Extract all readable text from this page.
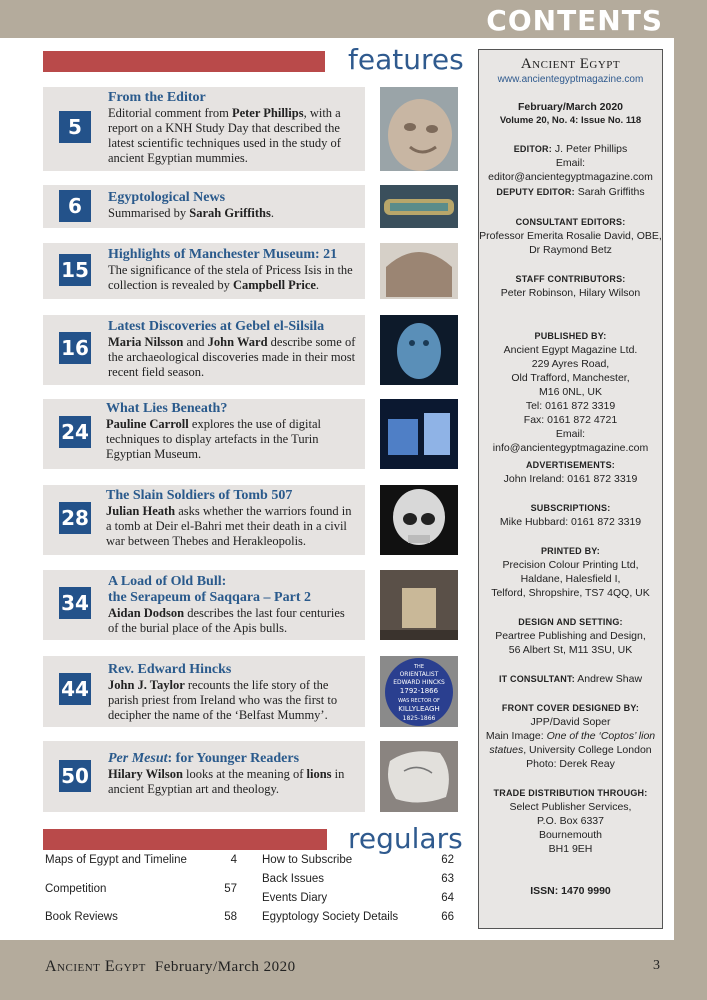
CONTENTS
features
5
From the Editor
Editorial comment from Peter Phillips, with a report on a KNH Study Day that described the latest scientific techniques used in the study of ancient Egyptian mummies.
6	Egyptological News
Summarised by Sarah Griffiths.
15
Highlights of Manchester Museum: 21
The significance of the stela of Pricess Isis in the collection is revealed by Campbell Price.
16
Latest Discoveries at Gebel el-Silsila
Maria Nilsson and John Ward describe some of the archaeological discoveries made in their most recent field season.
24
What Lies Beneath?
Pauline Carroll explores the use of digital techniques to display artefacts in the Turin Egyptian Museum.
28
The Slain Soldiers of Tomb 507
Julian Heath asks whether the warriors found in a tomb at Deir el-Bahri met their death in a civil war between Thebes and Herakleopolis.
34
A Load of Old Bull:
the Serapeum of Saqqara – Part 2
Aidan Dodson describes the last four centuries of the burial place of the Apis bulls.
44
Rev. Edward Hincks
John J. Taylor recounts the life story of the parish priest from Ireland who was the first to decipher the name of the ‘Belfast Mummy’.
THE
ORIENTALIST
EDWARD HINCKS
1792-1866
WAS RECTOR OF
KILLYLEAGH
1825-1866
50
Per Mesut: for Younger Readers
Hilary Wilson looks at the meaning of lions in ancient Egyptian art and theology.
regulars
Maps of Egypt and Timeline	4
Competition	57
Book Reviews	58
How to Subscribe	62
Back Issues	63
Events Diary	64
Egyptology Society Details	66
Ancient Egypt
www.ancientegyptmagazine.com
February/March 2020
Volume 20, No. 4: Issue No. 118
EDITOR: J. Peter Phillips
Email: editor@ancientegyptmagazine.com
DEPUTY EDITOR: Sarah Griffiths
CONSULTANT EDITORS:
Professor Emerita Rosalie David, OBE,
Dr Raymond Betz
STAFF CONTRIBUTORS:
Peter Robinson, Hilary Wilson
PUBLISHED BY:
Ancient Egypt Magazine Ltd.
229 Ayres Road,
Old Trafford, Manchester,
M16 0NL, UK
Tel: 0161 872 3319
Fax: 0161 872 4721
Email: info@ancientegyptmagazine.com
ADVERTISEMENTS:
John Ireland: 0161 872 3319
SUBSCRIPTIONS:
Mike Hubbard: 0161 872 3319
PRINTED BY:
Precision Colour Printing Ltd,
Haldane, Halesfield I,
Telford, Shropshire, TS7 4QQ, UK
DESIGN AND SETTING:
Peartree Publishing and Design,
56 Albert St, M11 3SU, UK
IT CONSULTANT: Andrew Shaw
FRONT COVER DESIGNED BY:
JPP/David Soper
Main Image: One of the ‘Coptos’ lion
statues, University College London
Photo: Derek Reay
TRADE DISTRIBUTION THROUGH:
Select Publisher Services,
P.O. Box 6337
Bournemouth
BH1 9EH
ISSN: 1470 9990
Ancient Egypt February/March 2020	3
